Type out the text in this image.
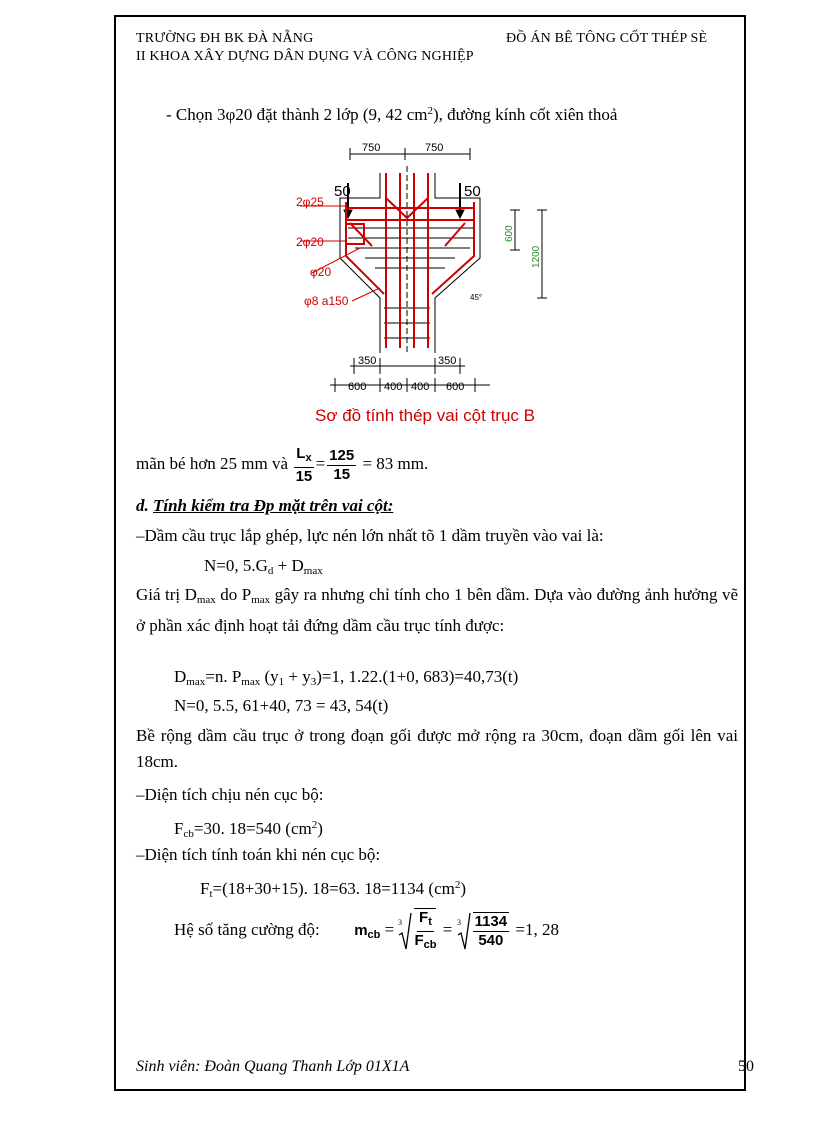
TRƯỜNG ĐH BK ĐÀ NẴNG	ĐỒ ÁN BÊ TÔNG CỐT THÉP SÈ
II KHOA XÂY DỰNG DÂN DỤNG VÀ CÔNG NGHIỆP
- Chọn 3φ20 đặt thành 2 lớp (9, 42 $cm^2$), đường kính cốt xiên thoả
750	750
50	50
2φ25
2φ20
φ20
φ8 a150
600
1200
45°
350	350
600 400 400 600
Sơ đồ tính thép vai cột trục B
mãn bé hơn 25 mm và $\frac{L_x}{15} = \frac{125}{15} = 83$ mm.
d. Tính kiểm tra Đp mặt trên vai cột:
–Dầm cầu trục lắp ghép, lực nén lớn nhất tõ 1 dầm truyền vào vai là:
N=0, $5.G_d + D_{max}$
Giá trị $D_{max}$ do $P_{max}$ gây ra nhưng chỉ tính cho 1 bên dầm. Dựa vào đường ảnh hưởng vẽ ở phần xác định hoạt tải đứng dầm cầu trục tính được:
$D_{max}=n$. $P_{max}$ $(y_1 + y_3)=1$, 1.22.(1+0, 683)=40,73(t)
N=0, 5.5, 61+40, 73 = 43, 54(t)
Bề rộng dầm cầu trục ở trong đoạn gối được mở rộng ra 30cm, đoạn dầm gối lên vai 18cm.
–Diện tích chịu nén cục bộ:
$F_{cb}=30$. 18=540 $(cm^2)$
–Diện tích tính toán khi nén cục bộ:
$F_t=(18+30+15)$. 18=63. 18=1134 $(cm^2)$
Hệ số tăng cường độ: $m_{cb} = 3 \frac{F_t}{F_{cb}} = 3 \frac{1134}{540} =1$, 28
Sinh viên: Đoàn Quang Thanh Lớp 01X1A	50
